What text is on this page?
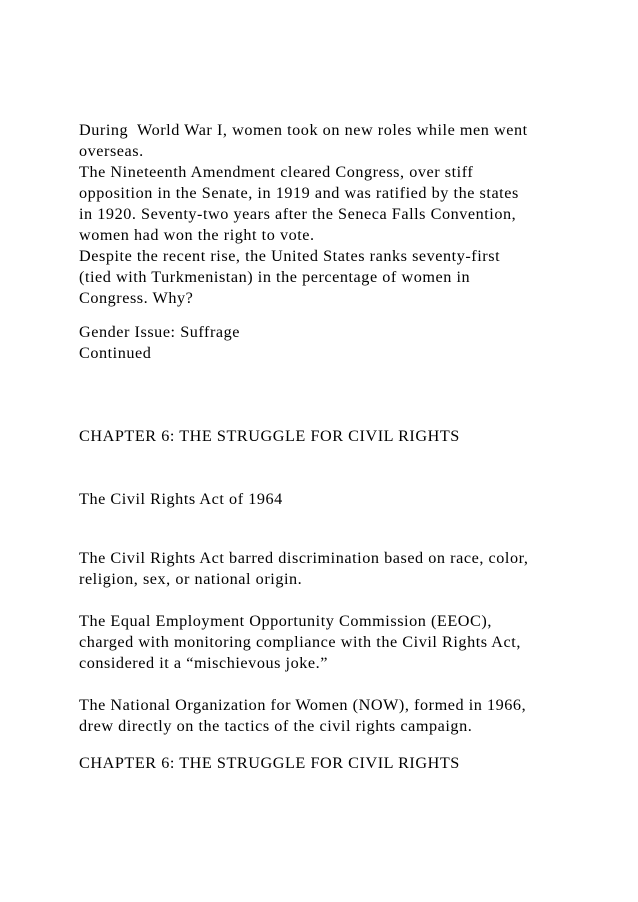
During  World War I, women took on new roles while men went
overseas.
The Nineteenth Amendment cleared Congress, over stiff
opposition in the Senate, in 1919 and was ratified by the states
in 1920. Seventy-two years after the Seneca Falls Convention,
women had won the right to vote.
Despite the recent rise, the United States ranks seventy-first
(tied with Turkmenistan) in the percentage of women in
Congress. Why?
Gender Issue: Suffrage
Continued
CHAPTER 6: THE STRUGGLE FOR CIVIL RIGHTS
The Civil Rights Act of 1964
The Civil Rights Act barred discrimination based on race, color,
religion, sex, or national origin.
The Equal Employment Opportunity Commission (EEOC),
charged with monitoring compliance with the Civil Rights Act,
considered it a “mischievous joke.”
The National Organization for Women (NOW), formed in 1966,
drew directly on the tactics of the civil rights campaign.
CHAPTER 6: THE STRUGGLE FOR CIVIL RIGHTS
